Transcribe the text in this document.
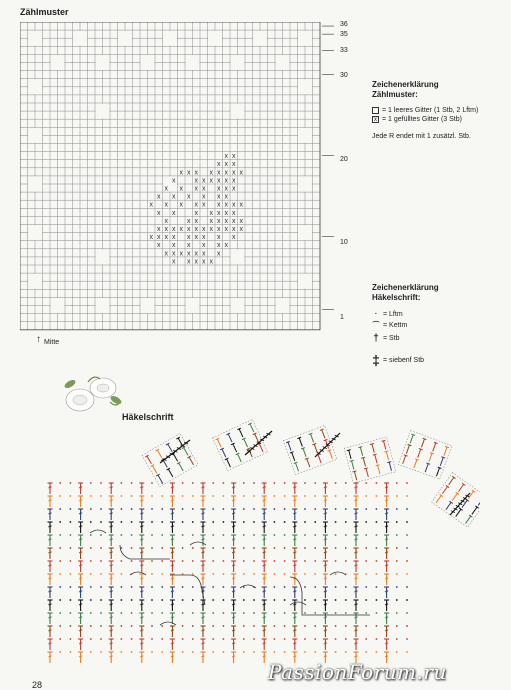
Zählmuster
x x
x x x
x x x x x x x x
x	x x x x x x
x x x x x x x
x x x x x x
x x x x x x x x x
x x	x x x x x
x	x x x x x x x
x x x x x x x x x x x x
x x x x x x x x x
x x x x x x
x x x x x x x
x x x x x
36
35
33
30
20
10
1
↑ Mitte
Zeichenerklärung
Zählmuster:
= 1 leeres Gitter (1 Stb, 2 Lftm)
x = 1 gefülltes Gitter (3 Stb)
Jede R endet mit 1 zusätzl. Stb.
Zeichenerklärung
Häkelschrift:
· = Lftm
⌒ = Kettm
† = Stb
‡ = siebenf Stb
Häkelschrift
28
PassionForum.ru
